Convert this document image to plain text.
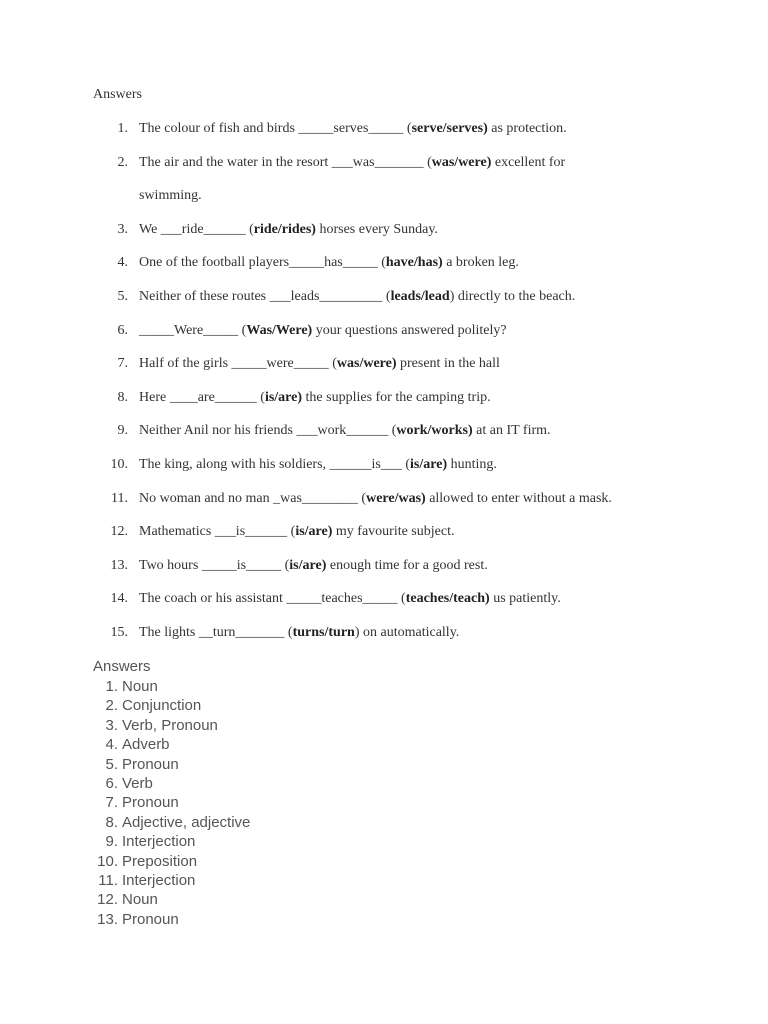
Answers
1. The colour of fish and birds _____serves_____ (serve/serves) as protection.
2. The air and the water in the resort ___was_______ (was/were) excellent for
swimming.
3. We ___ride______ (ride/rides) horses every Sunday.
4. One of the football players_____has_____ (have/has) a broken leg.
5. Neither of these routes ___leads_________ (leads/lead) directly to the beach.
6. _____Were_____ (Was/Were) your questions answered politely?
7. Half of the girls _____were_____ (was/were) present in the hall
8. Here ____are______ (is/are) the supplies for the camping trip.
9. Neither Anil nor his friends ___work______ (work/works) at an IT firm.
10. The king, along with his soldiers, ______is___ (is/are) hunting.
11. No woman and no man _was________ (were/was) allowed to enter without a mask.
12. Mathematics ___is______ (is/are) my favourite subject.
13. Two hours _____is_____ (is/are) enough time for a good rest.
14. The coach or his assistant _____teaches_____ (teaches/teach) us patiently.
15. The lights __turn_______ (turns/turn) on automatically.
Answers
1. Noun
2. Conjunction
3. Verb, Pronoun
4. Adverb
5. Pronoun
6. Verb
7. Pronoun
8. Adjective, adjective
9. Interjection
10. Preposition
11. Interjection
12. Noun
13. Pronoun
